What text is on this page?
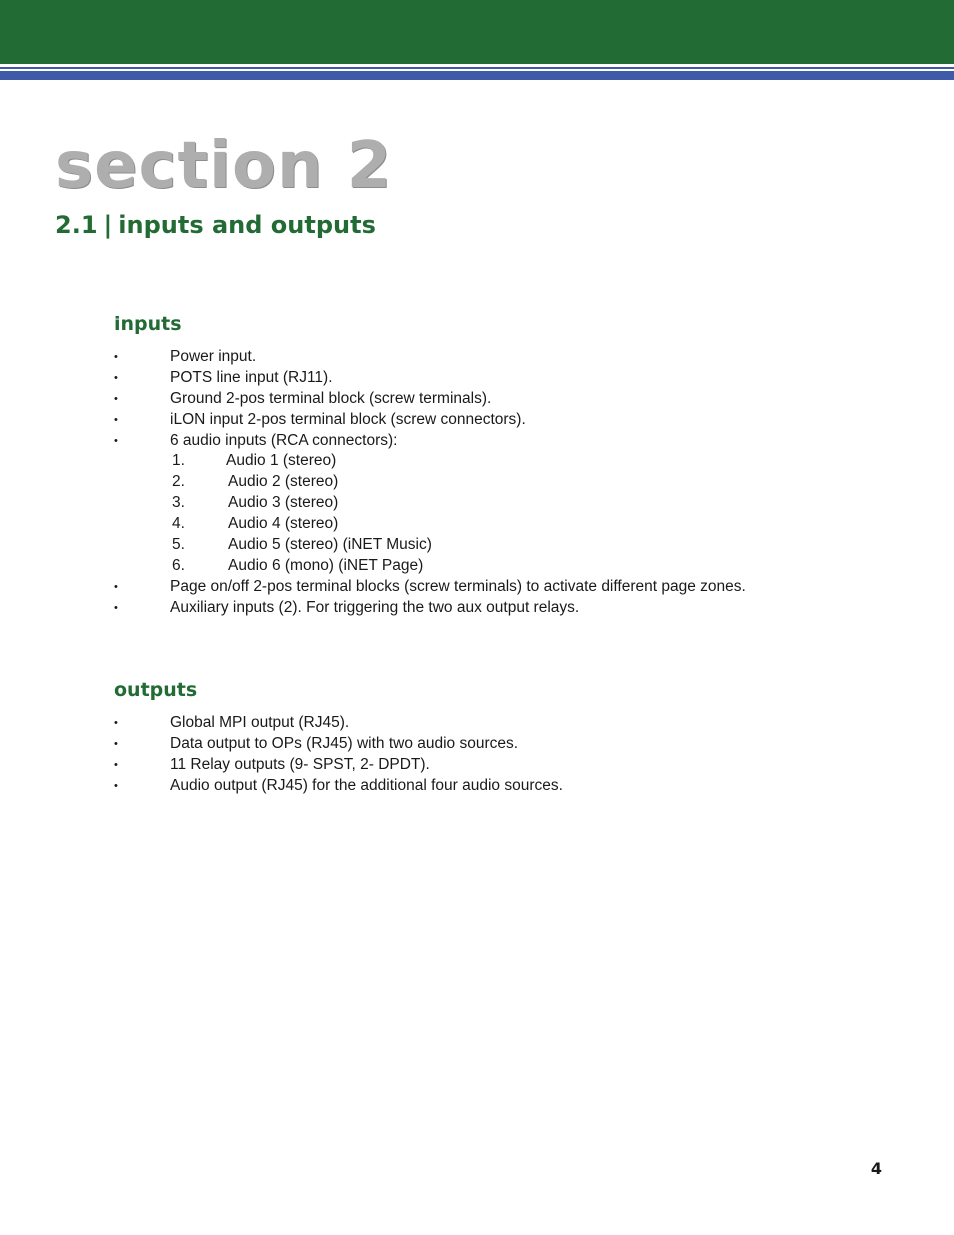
section 2
2.1 | inputs and outputs
inputs
•	Power input.
•	POTS line input (RJ11).
•	Ground 2-pos terminal block (screw terminals).
•	iLON input 2-pos terminal block (screw connectors).
•	6 audio inputs (RCA connectors):
1.	Audio 1 (stereo)
2.	Audio 2 (stereo)
3.	Audio 3 (stereo)
4.	Audio 4 (stereo)
5.	Audio 5 (stereo) (iNET Music)
6.	Audio 6 (mono) (iNET Page)
•	Page on/off 2-pos terminal blocks (screw terminals) to activate different page zones.
•	Auxiliary inputs (2). For triggering the two aux output relays.
outputs
•	Global MPI output (RJ45).
•	Data output to OPs (RJ45) with two audio sources.
•	11 Relay outputs (9- SPST, 2- DPDT).
•	Audio output (RJ45) for the additional four audio sources.
4
